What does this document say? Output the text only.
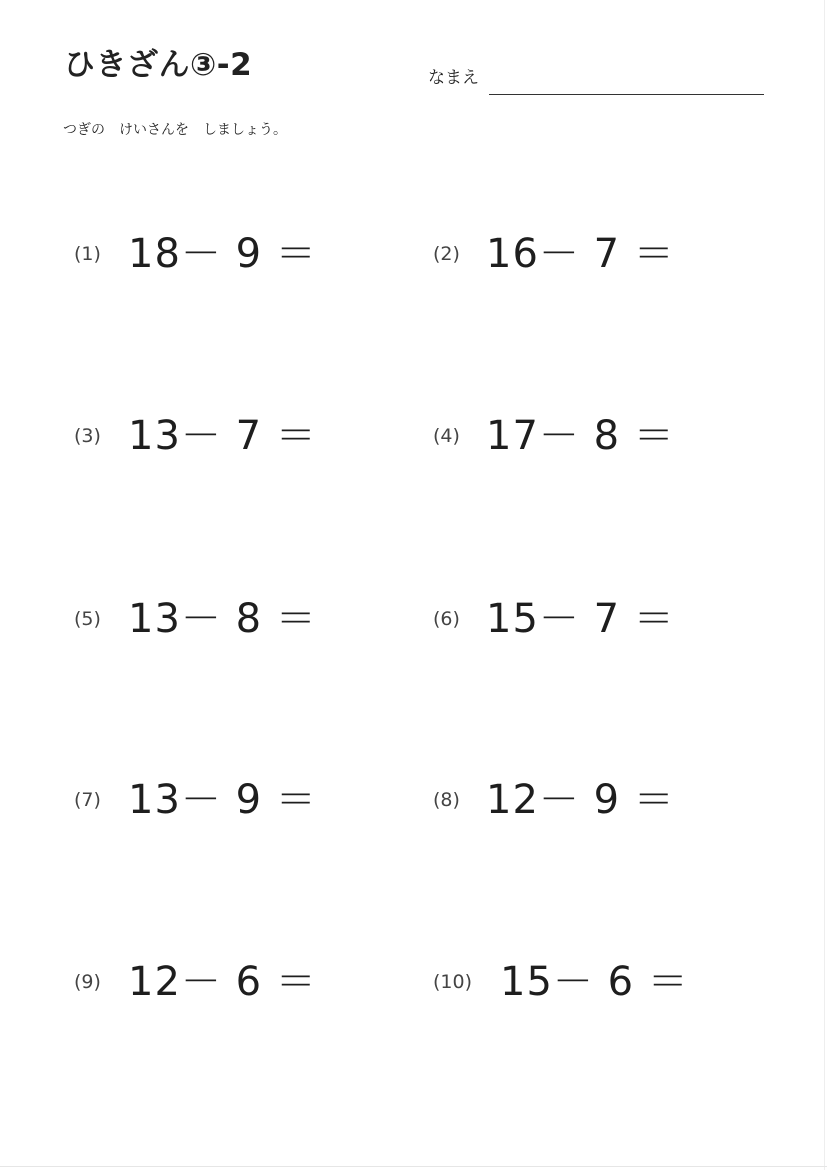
ひきざん③-2	なまえ
つぎの　けいさんを　しましょう。
(1) 18－ 9 ＝
(3) 13－ 7 ＝
(5) 13－ 8 ＝
(7) 13－ 9 ＝
(9) 12－ 6 ＝
(2) 16－ 7 ＝
(4) 17－ 8 ＝
(6) 15－ 7 ＝
(8) 12－ 9 ＝
(10) 15－ 6 ＝
